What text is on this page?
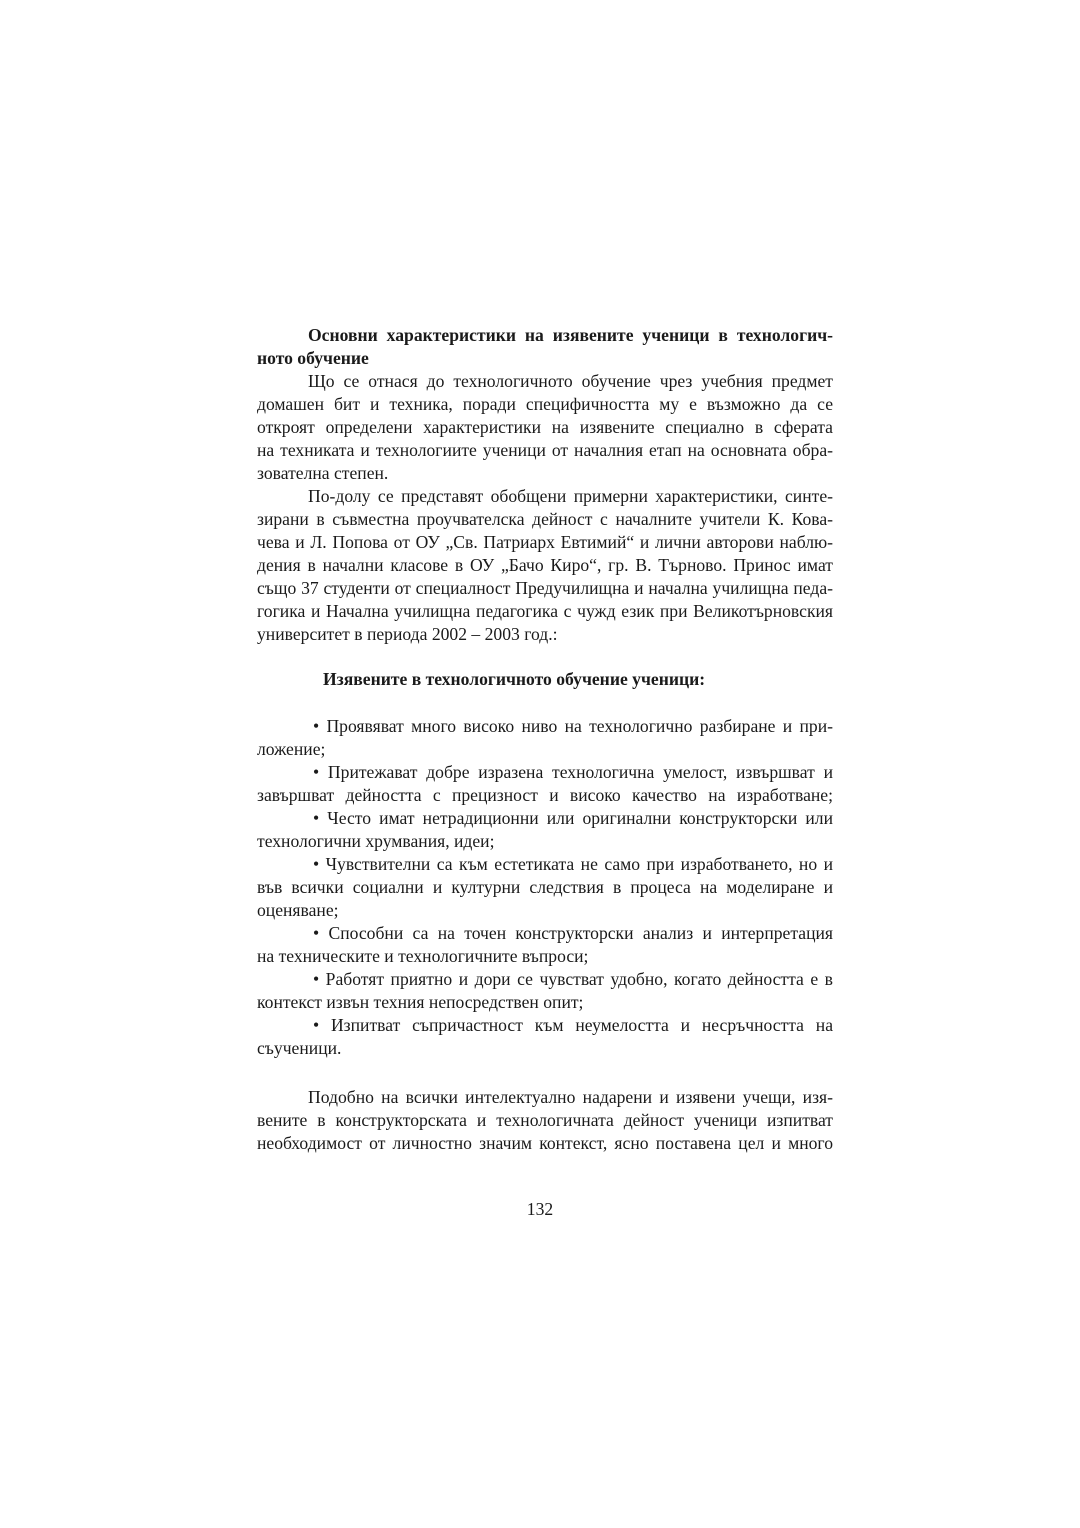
Основни характеристики на изявените ученици в технологич-
ното обучение
Що се отнася до технологичното обучение чрез учебния предмет
домашен бит и техника, поради специфичността му е възможно да се
откроят определени характеристики на изявените специално в сферата
на техниката и технологиите ученици от началния етап на основната обра-
зователна степен.
По-долу се представят обобщени примерни характеристики, синте-
зирани в съвместна проучвателска дейност с началните учители К. Кова-
чева и Л. Попова от ОУ „Св. Патриарх Евтимий“ и лични авторови наблю-
дения в начални класове в ОУ „Бачо Киро“, гр. В. Търново. Принос имат
също 37 студенти от специалност Предучилищна и начална училищна педа-
гогика и Начална училищна педагогика с чужд език при Великотърновския
университет в периода 2002 – 2003 год.:
Изявените в технологичното обучение ученици:
• Проявяват много високо ниво на технологично разбиране и при-
ложение;
• Притежават добре изразена технологична умелост, извършват и
завършват дейността с прецизност и високо качество на изработване;
• Често имат нетрадиционни или оригинални конструкторски или
технологични хрумвания, идеи;
• Чувствителни са към естетиката не само при изработването, но и
във всички социални и културни следствия в процеса на моделиране и
оценяване;
• Способни са на точен конструкторски анализ и интерпретация
на техническите и технологичните въпроси;
• Работят приятно и дори се чувстват удобно, когато дейността е в
контекст извън техния непосредствен опит;
• Изпитват съпричастност към неумелостта и несръчността на
съученици.
Подобно на всички интелектуално надарени и изявени учещи, изя-
вените в конструкторската и технологичната дейност ученици изпитват
необходимост от личностно значим контекст, ясно поставена цел и много
132
